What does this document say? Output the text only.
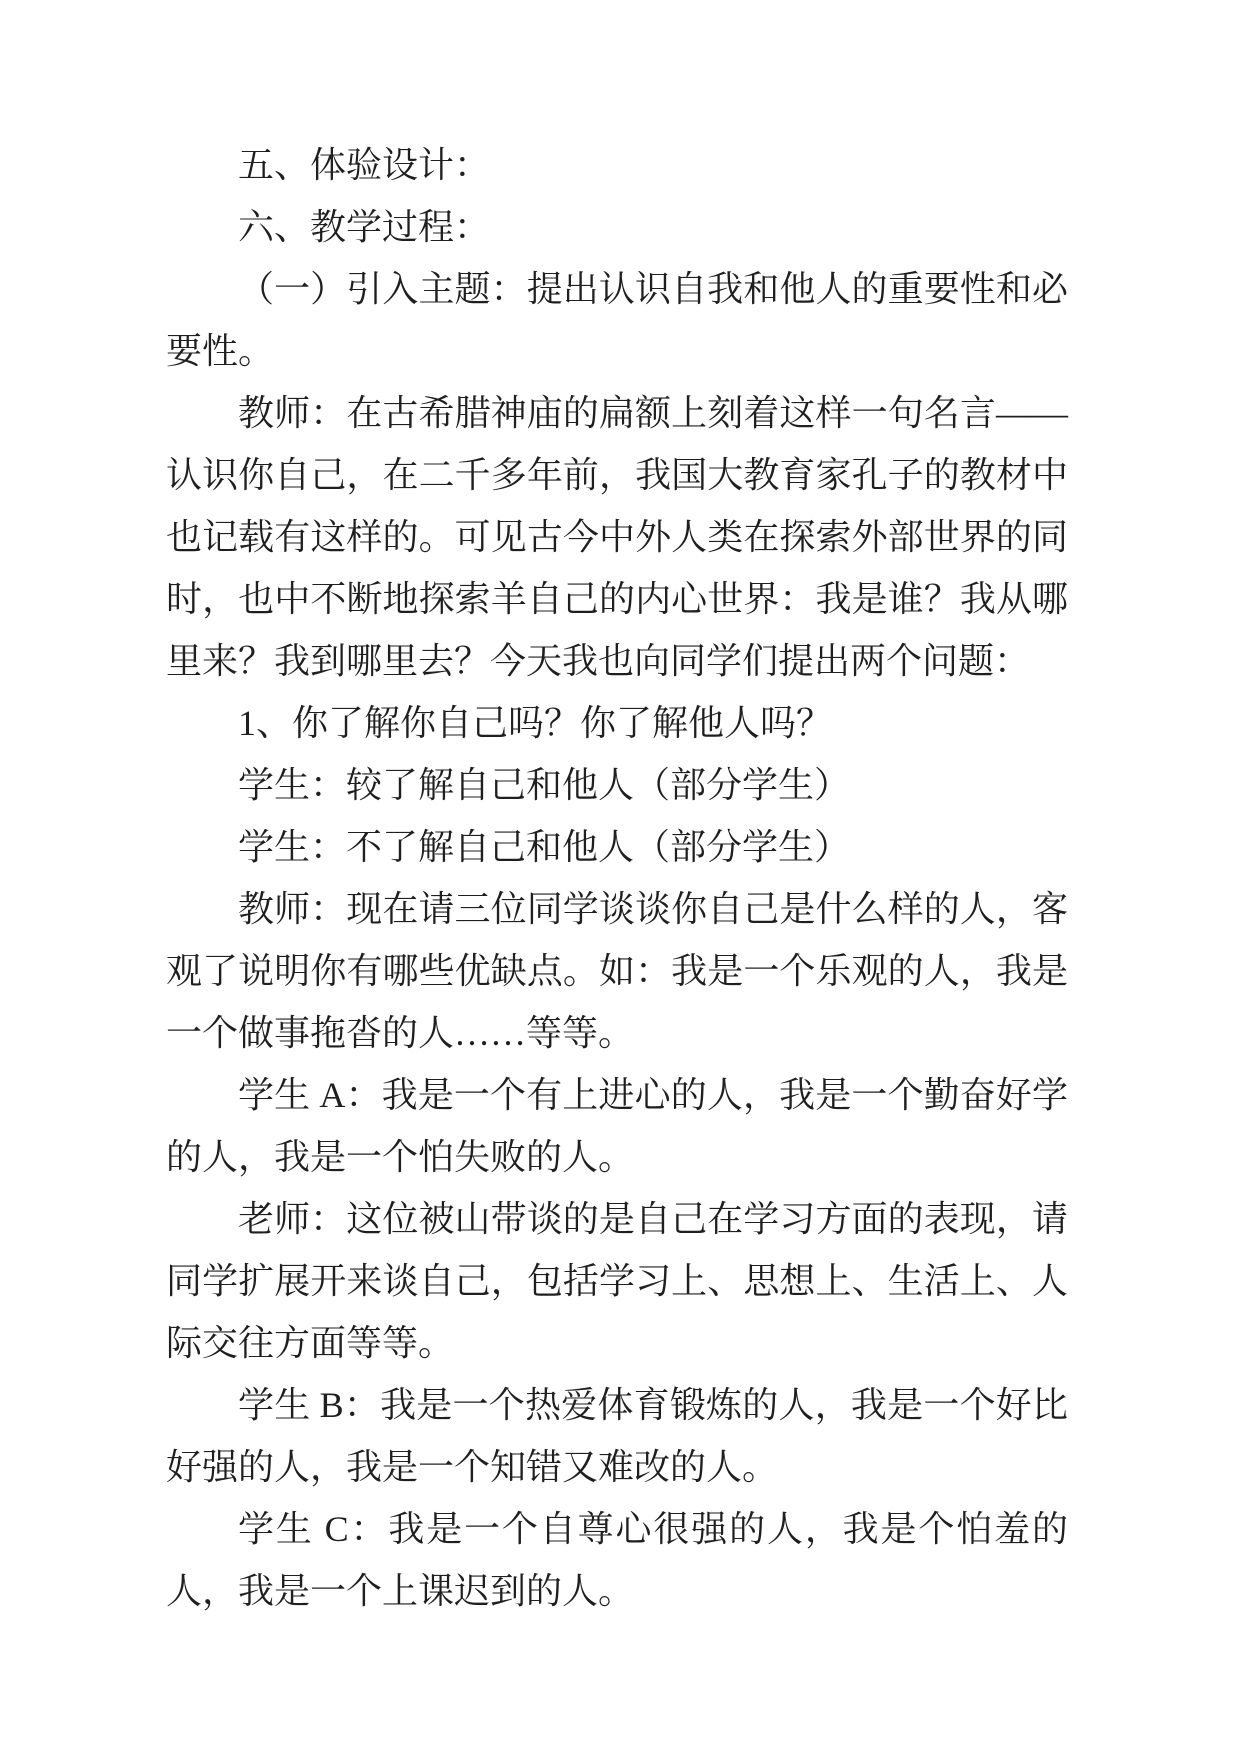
五、体验设计：

六、教学过程：

（一）引入主题：提出认识自我和他人的重要性和必要性。

教师：在古希腊神庙的扁额上刻着这样一句名言——认识你自己，在二千多年前，我国大教育家孔子的教材中也记载有这样的。可见古今中外人类在探索外部世界的同时，也中不断地探索羊自己的内心世界：我是谁？我从哪里来？我到哪里去？今天我也向同学们提出两个问题：

1、你了解你自己吗？你了解他人吗？

学生：较了解自己和他人（部分学生）

学生：不了解自己和他人（部分学生）

教师：现在请三位同学谈谈你自己是什么样的人，客观了说明你有哪些优缺点。如：我是一个乐观的人，我是一个做事拖沓的人……等等。

学生 A：我是一个有上进心的人，我是一个勤奋好学的人，我是一个怕失败的人。

老师：这位被山带谈的是自己在学习方面的表现，请同学扩展开来谈自己，包括学习上、思想上、生活上、人际交往方面等等。

学生 B：我是一个热爱体育锻炼的人，我是一个好比好强的人，我是一个知错又难改的人。

学生 C：我是一个自尊心很强的人，我是个怕羞的人，我是一个上课迟到的人。
